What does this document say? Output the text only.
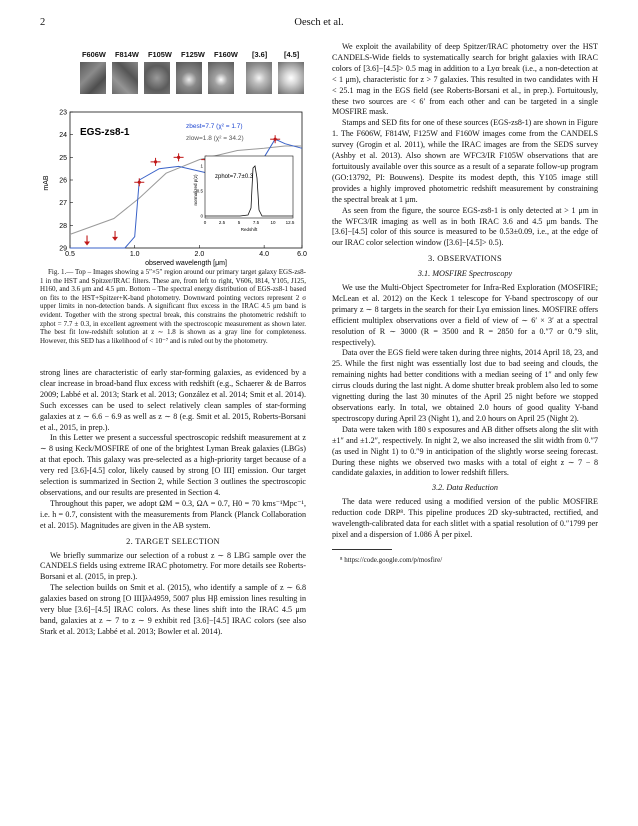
2	Oesch et al.
F606W F814W F105W F125W F160W [3.6] [4.5]
23
24
25
26
27
28
29
0.5	1.0	2.0	4.0	6.0
mAB
observed wavelength [μm]
EGS-zs8-1
zbest=7.7 (χ² = 1.7)
zlow=1.8 (χ² = 34.2)
zphot=7.7±0.3
normalized p(z)
Redshift
0	2.5	5	7.5	10 12.5
0
0.5
1

Fig. 1.— Top – Images showing a 5″×5″ region around our primary target galaxy EGS-zs8-1 in the HST and Spitzer/IRAC filters. These are, from left to right, V606, I814, Y105, J125, H160, and 3.6 μm and 4.5 μm. Bottom – The spectral energy distribution of EGS-zs8-1 based on fits to the HST+Spitzer+K-band photometry. Downward pointing vectors represent 2 σ upper limits in non-detection bands. A significant flux excess in the IRAC 4.5 μm band is evident. Together with the strong spectral break, this constrains the photometric redshift to zphot = 7.7 ± 0.3, in excellent agreement with the spectroscopic measurement as shown later. The best fit low-redshift solution at z ∼ 1.8 is shown as a gray line for completeness. However, this SED has a likelihood of < 10⁻⁷ and is ruled out by the photometry.

strong lines are characteristic of early star-forming galaxies, as evidenced by a clear increase in broad-band flux excess with redshift (e.g., Schaerer & de Barros 2009; Labbé et al. 2013; Stark et al. 2013; González et al. 2014; Smit et al. 2014). Such excesses can be used to select relatively clean samples of star-forming galaxies at z ∼ 6.6 − 6.9 as well as z ∼ 8 (e.g. Smit et al. 2015, Roberts-Borsani et al., 2015, in prep.).

In this Letter we present a successful spectroscopic redshift measurement at z ∼ 8 using Keck/MOSFIRE of one of the brightest Lyman Break galaxies (LBGs) at that epoch. This galaxy was pre-selected as a high-priority target because of a very red [3.6]-[4.5] color, likely caused by strong [O III] emission. Our target selection is summarized in Section 2, while Section 3 outlines the spectroscopic observations, and our results are presented in Section 4.

Throughout this paper, we adopt ΩM = 0.3, ΩΛ = 0.7, H0 = 70 kms⁻¹Mpc⁻¹, i.e. h = 0.7, consistent with the measurements from Planck (Planck Collaboration et al. 2015). Magnitudes are given in the AB system.

2. TARGET SELECTION

We briefly summarize our selection of a robust z ∼ 8 LBG sample over the CANDELS fields using extreme IRAC photometry. For more details see Roberts-Borsani et al. (2015, in prep.).

The selection builds on Smit et al. (2015), who identify a sample of z ∼ 6.8 galaxies based on strong [O III]λλ4959, 5007 plus Hβ emission lines resulting in very blue [3.6]−[4.5] IRAC colors. As these lines shift into the IRAC 4.5 μm band, galaxies at z ∼ 7 to z ∼ 9 exhibit red [3.6]−[4.5] IRAC colors (see also Stark et al. 2013; Labbé et al. 2013; Bowler et al. 2014).

We exploit the availability of deep Spitzer/IRAC photometry over the HST CANDELS-Wide fields to systematically search for bright galaxies with IRAC colors of [3.6]−[4.5]> 0.5 mag in addition to a Lyα break (i.e., a non-detection at < 1 μm), characteristic for z > 7 galaxies. This resulted in two candidates with H < 25.1 mag in the EGS field (see Roberts-Borsani et al., in prep.). Fortuitously, these two sources are < 6′ from each other and can be targeted in a single MOSFIRE mask.

Stamps and SED fits for one of these sources (EGS-zs8-1) are shown in Figure 1. The F606W, F814W, F125W and F160W images come from the CANDELS survey (Grogin et al. 2011), while the IRAC images are from the SEDS survey (Ashby et al. 2013). Also shown are WFC3/IR F105W observations that are fortuitously available over this source as a result of a separate follow-up program (GO:13792, PI: Bouwens). Despite its modest depth, this Y105 image still provides a highly improved photometric redshift measurement by constraining the spectral break at 1 μm.

As seen from the figure, the source EGS-zs8-1 is only detected at > 1 μm in the WFC3/IR imaging as well as in both IRAC 3.6 and 4.5 μm bands. The [3.6]−[4.5] color of this source is measured to be 0.53±0.09, i.e., at the edge of our IRAC color selection window ([3.6]−[4.5]> 0.5).

3. OBSERVATIONS
3.1. MOSFIRE Spectroscopy

We use the Multi-Object Spectrometer for Infra-Red Exploration (MOSFIRE; McLean et al. 2012) on the Keck 1 telescope for Y-band spectroscopy of our primary z ∼ 8 targets in the search for their Lyα emission lines. MOSFIRE offers efficient multiplex observations over a field of view of ∼ 6′ × 3′ at a spectral resolution of R ∼ 3000 (R = 3500 and R = 2850 for a 0.″7 or 0.″9 slit, respectively).

Data over the EGS field were taken during three nights, 2014 April 18, 23, and 25. While the first night was essentially lost due to bad seeing and clouds, the remaining nights had better conditions with a median seeing of 1″ and only few cirrus clouds during the last night. A dome shutter break problem also led to some vignetting during the last 30 minutes of the April 25 night before we stopped observations early. In total, we obtained 2.0 hours of good quality Y-band spectroscopy during April 23 (Night 1), and 2.0 hours on April 25 (Night 2).

Data were taken with 180 s exposures and AB dither offsets along the slit with ±1″ and ±1.2″, respectively. In night 2, we also increased the slit width from 0.″7 (as used in Night 1) to 0.″9 in anticipation of the slightly worse seeing forecast. During these nights we observed two masks with a total of eight z ∼ 7 − 8 candidate galaxies, in addition to lower redshift fillers.

3.2. Data Reduction

The data were reduced using a modified version of the public MOSFIRE reduction code DRP⁸. This pipeline produces 2D sky-subtracted, rectified, and wavelength-calibrated data for each slitlet with a spatial resolution of 0.″1799 per pixel and a dispersion of 1.086 Å per pixel.

⁸ https://code.google.com/p/mosfire/
